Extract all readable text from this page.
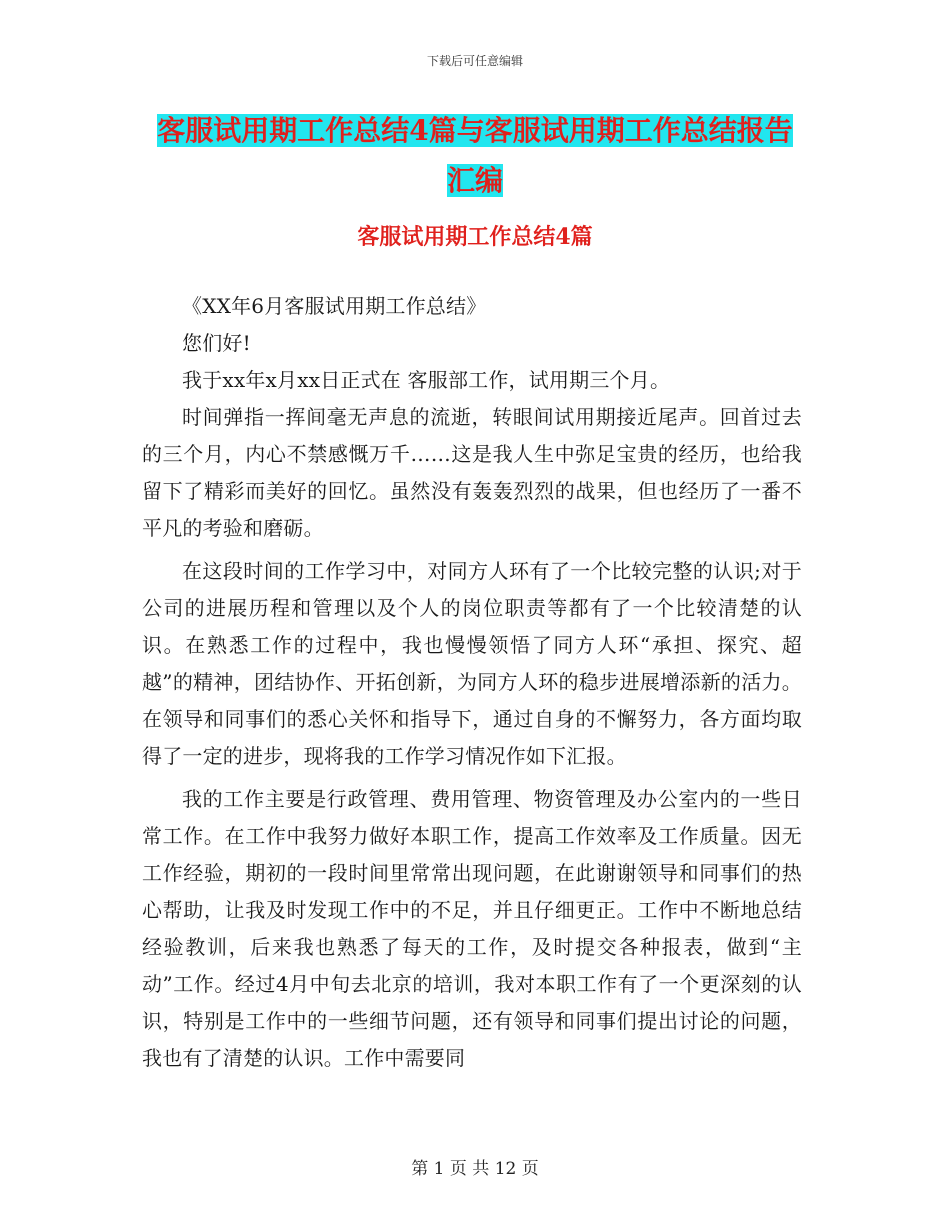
下载后可任意编辑
客服试用期工作总结4篇与客服试用期工作总结报告
汇编
客服试用期工作总结4篇

《XX年6月客服试用期工作总结》

您们好!

我于xx年x月xx日正式在 客服部工作，试用期三个月。

时间弹指一挥间毫无声息的流逝，转眼间试用期接近尾声。回首过去的三个月，内心不禁感慨万千……这是我人生中弥足宝贵的经历，也给我留下了精彩而美好的回忆。虽然没有轰轰烈烈的战果，但也经历了一番不平凡的考验和磨砺。

在这段时间的工作学习中，对同方人环有了一个比较完整的认识;对于公司的进展历程和管理以及个人的岗位职责等都有了一个比较清楚的认识。在熟悉工作的过程中，我也慢慢领悟了同方人环“承担、探究、超越”的精神，团结协作、开拓创新，为同方人环的稳步进展增添新的活力。在领导和同事们的悉心关怀和指导下，通过自身的不懈努力，各方面均取得了一定的进步，现将我的工作学习情况作如下汇报。

我的工作主要是行政管理、费用管理、物资管理及办公室内的一些日常工作。在工作中我努力做好本职工作，提高工作效率及工作质量。因无工作经验，期初的一段时间里常常出现问题，在此谢谢领导和同事们的热心帮助，让我及时发现工作中的不足，并且仔细更正。工作中不断地总结经验教训，后来我也熟悉了每天的工作，及时提交各种报表，做到“主动”工作。经过4月中旬去北京的培训，我对本职工作有了一个更深刻的认识，特别是工作中的一些细节问题，还有领导和同事们提出讨论的问题，我也有了清楚的认识。工作中需要同

第 1 页 共 12 页
